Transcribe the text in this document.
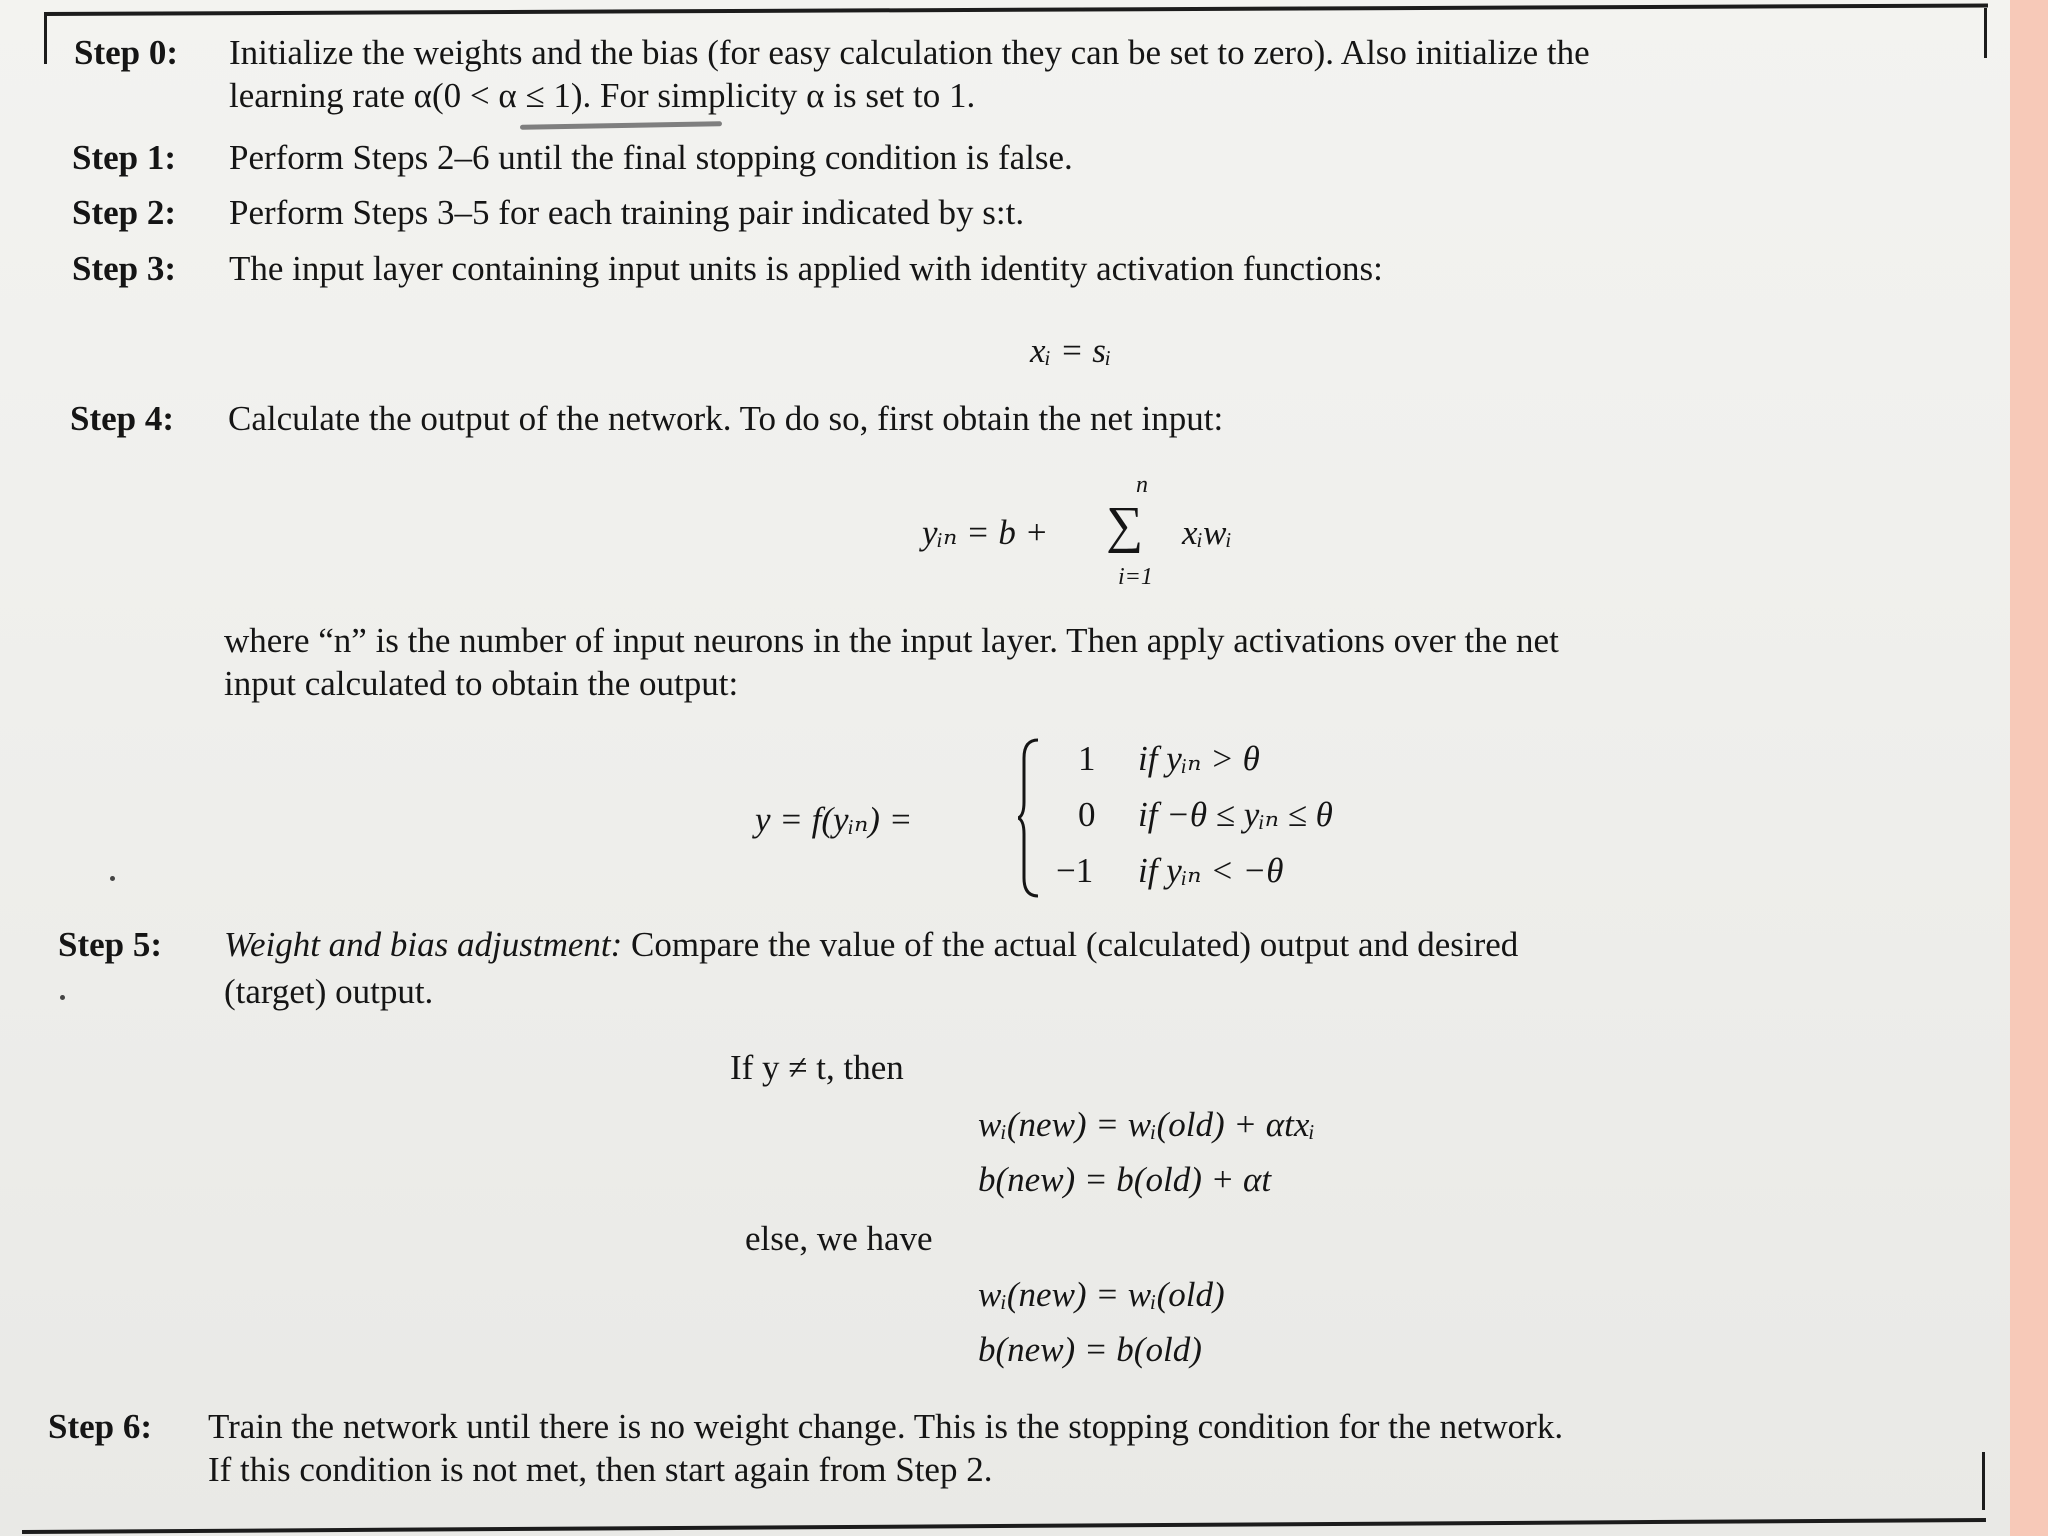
Step 0: Initialize the weights and the bias (for easy calculation they can be set to zero). Also initialize the
learning rate α(0 < α ≤ 1). For simplicity α is set to 1.
Step 1: Perform Steps 2–6 until the final stopping condition is false.
Step 2: Perform Steps 3–5 for each training pair indicated by s:t.
Step 3: The input layer containing input units is applied with identity activation functions:
xᵢ = sᵢ
Step 4: Calculate the output of the network. To do so, first obtain the net input:
yᵢₙ = b +
n
∑
i=1
xᵢwᵢ
where “n” is the number of input neurons in the input layer. Then apply activations over the net
input calculated to obtain the output:
y = f(yᵢₙ) =
1 if yᵢₙ > θ
0 if −θ ≤ yᵢₙ ≤ θ
−1 if yᵢₙ < −θ
Step 5: Weight and bias adjustment: Compare the value of the actual (calculated) output and desired
(target) output.
If y ≠ t, then
wᵢ(new) = wᵢ(old) + αtxᵢ
b(new) = b(old) + αt
else, we have
wᵢ(new) = wᵢ(old)
b(new) = b(old)
Step 6: Train the network until there is no weight change. This is the stopping condition for the network.
If this condition is not met, then start again from Step 2.
